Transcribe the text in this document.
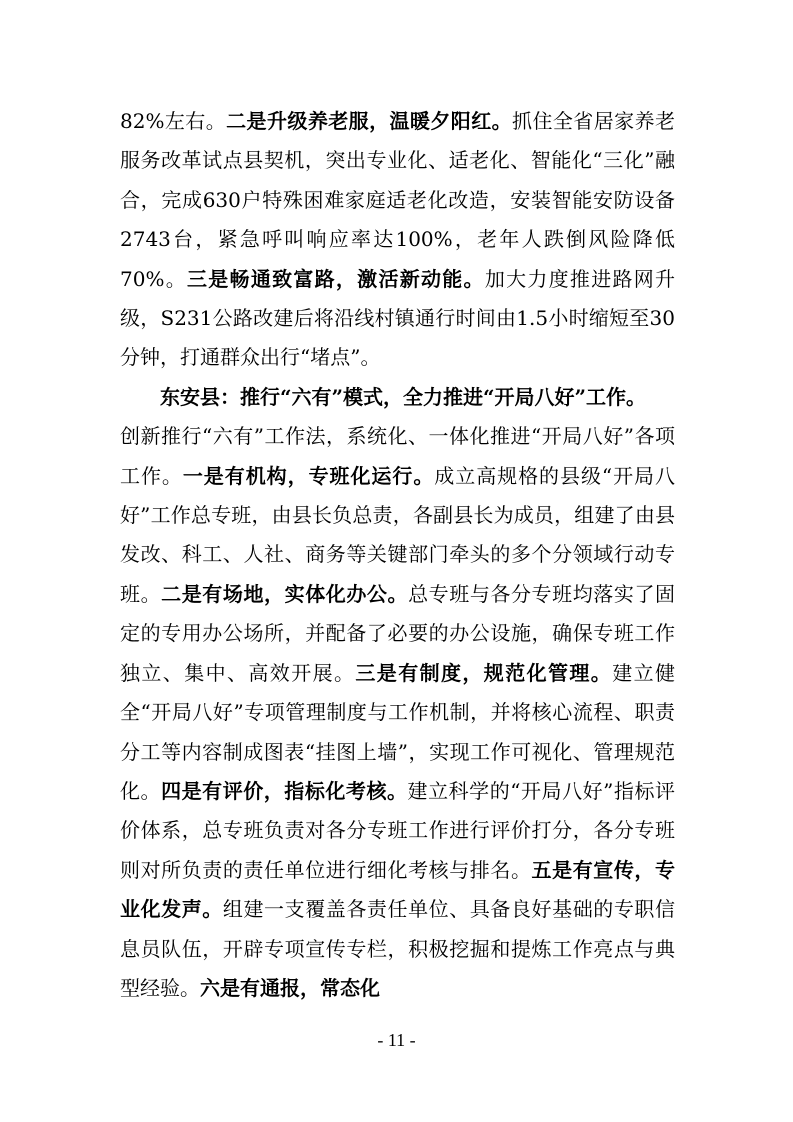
82%左右。二是升级养老服，温暖夕阳红。抓住全省居家养老服务改革试点县契机，突出专业化、适老化、智能化“三化”融合，完成630户特殊困难家庭适老化改造，安装智能安防设备2743台，紧急呼叫响应率达100%，老年人跌倒风险降低70%。三是畅通致富路，激活新动能。加大力度推进路网升级，S231公路改建后将沿线村镇通行时间由1.5小时缩短至30分钟，打通群众出行“堵点”。

东安县：推行“六有”模式，全力推进“开局八好”工作。

创新推行“六有”工作法，系统化、一体化推进“开局八好”各项工作。一是有机构，专班化运行。成立高规格的县级“开局八好”工作总专班，由县长负总责，各副县长为成员，组建了由县发改、科工、人社、商务等关键部门牵头的多个分领域行动专班。二是有场地，实体化办公。总专班与各分专班均落实了固定的专用办公场所，并配备了必要的办公设施，确保专班工作独立、集中、高效开展。三是有制度，规范化管理。建立健全“开局八好”专项管理制度与工作机制，并将核心流程、职责分工等内容制成图表“挂图上墙”，实现工作可视化、管理规范化。四是有评价，指标化考核。建立科学的“开局八好”指标评价体系，总专班负责对各分专班工作进行评价打分，各分专班则对所负责的责任单位进行细化考核与排名。五是有宣传，专业化发声。组建一支覆盖各责任单位、具备良好基础的专职信息员队伍，开辟专项宣传专栏，积极挖掘和提炼工作亮点与典型经验。六是有通报，常态化

- 11 -
